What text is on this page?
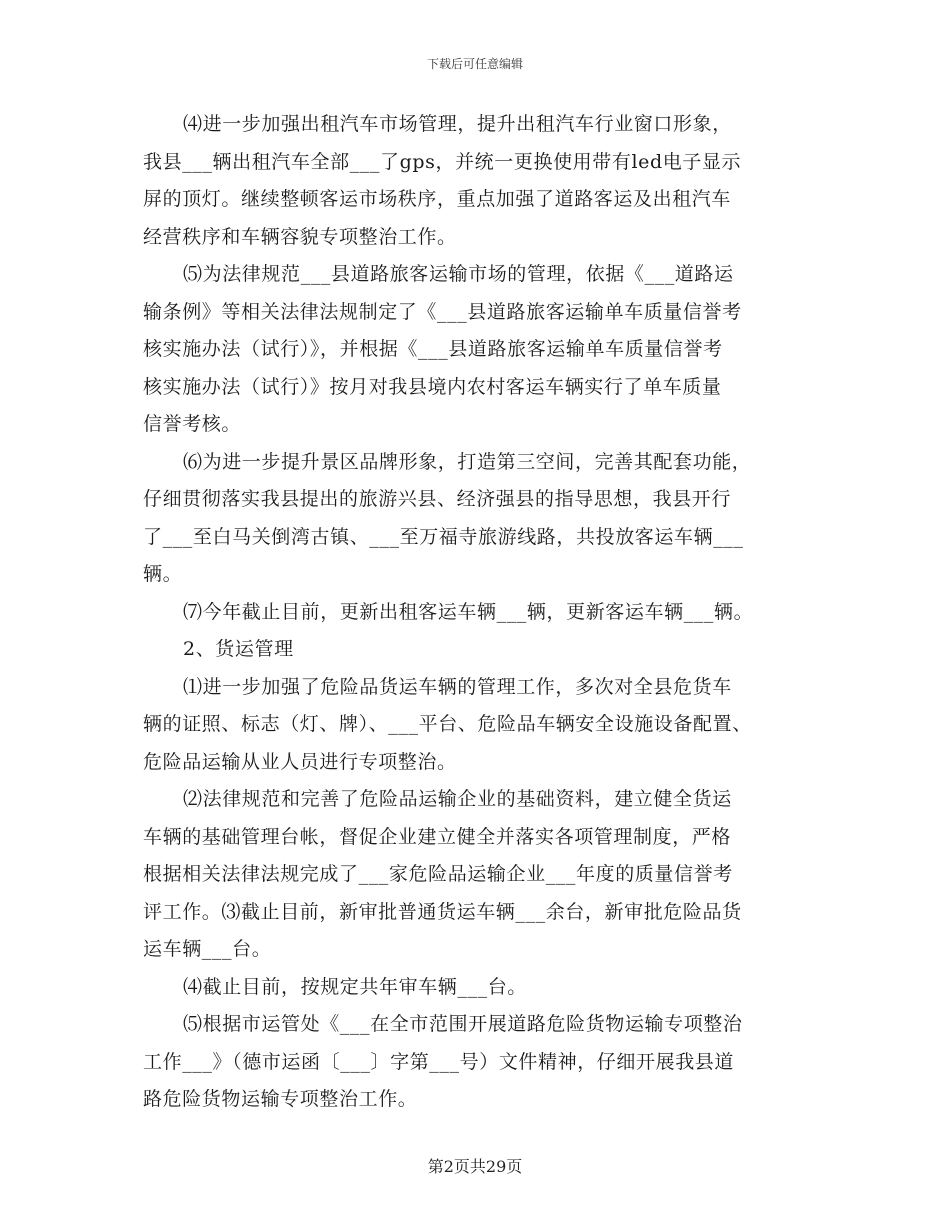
下载后可任意编辑
⑷进一步加强出租汽车市场管理，提升出租汽车行业窗口形象，
我县___辆出租汽车全部___了gps，并统一更换使用带有led电子显示
屏的顶灯。继续整顿客运市场秩序，重点加强了道路客运及出租汽车
经营秩序和车辆容貌专项整治工作。
⑸为法律规范___县道路旅客运输市场的管理，依据《___道路运
输条例》等相关法律法规制定了《___县道路旅客运输单车质量信誉考
核实施办法（试行）》，并根据《___县道路旅客运输单车质量信誉考
核实施办法（试行）》按月对我县境内农村客运车辆实行了单车质量
信誉考核。
⑹为进一步提升景区品牌形象，打造第三空间，完善其配套功能，
仔细贯彻落实我县提出的旅游兴县、经济强县的指导思想，我县开行
了___至白马关倒湾古镇、___至万福寺旅游线路，共投放客运车辆___
辆。
⑺今年截止目前，更新出租客运车辆___辆，更新客运车辆___辆。
2、货运管理
⑴进一步加强了危险品货运车辆的管理工作，多次对全县危货车
辆的证照、标志（灯、牌）、___平台、危险品车辆安全设施设备配置、
危险品运输从业人员进行专项整治。
⑵法律规范和完善了危险品运输企业的基础资料，建立健全货运
车辆的基础管理台帐，督促企业建立健全并落实各项管理制度，严格
根据相关法律法规完成了___家危险品运输企业___年度的质量信誉考
评工作。⑶截止目前，新审批普通货运车辆___余台，新审批危险品货
运车辆___台。
⑷截止目前，按规定共年审车辆___台。
⑸根据市运管处《___在全市范围开展道路危险货物运输专项整治
工作___》（德市运函〔___〕字第___号）文件精神，仔细开展我县道
路危险货物运输专项整治工作。
第2页共29页
